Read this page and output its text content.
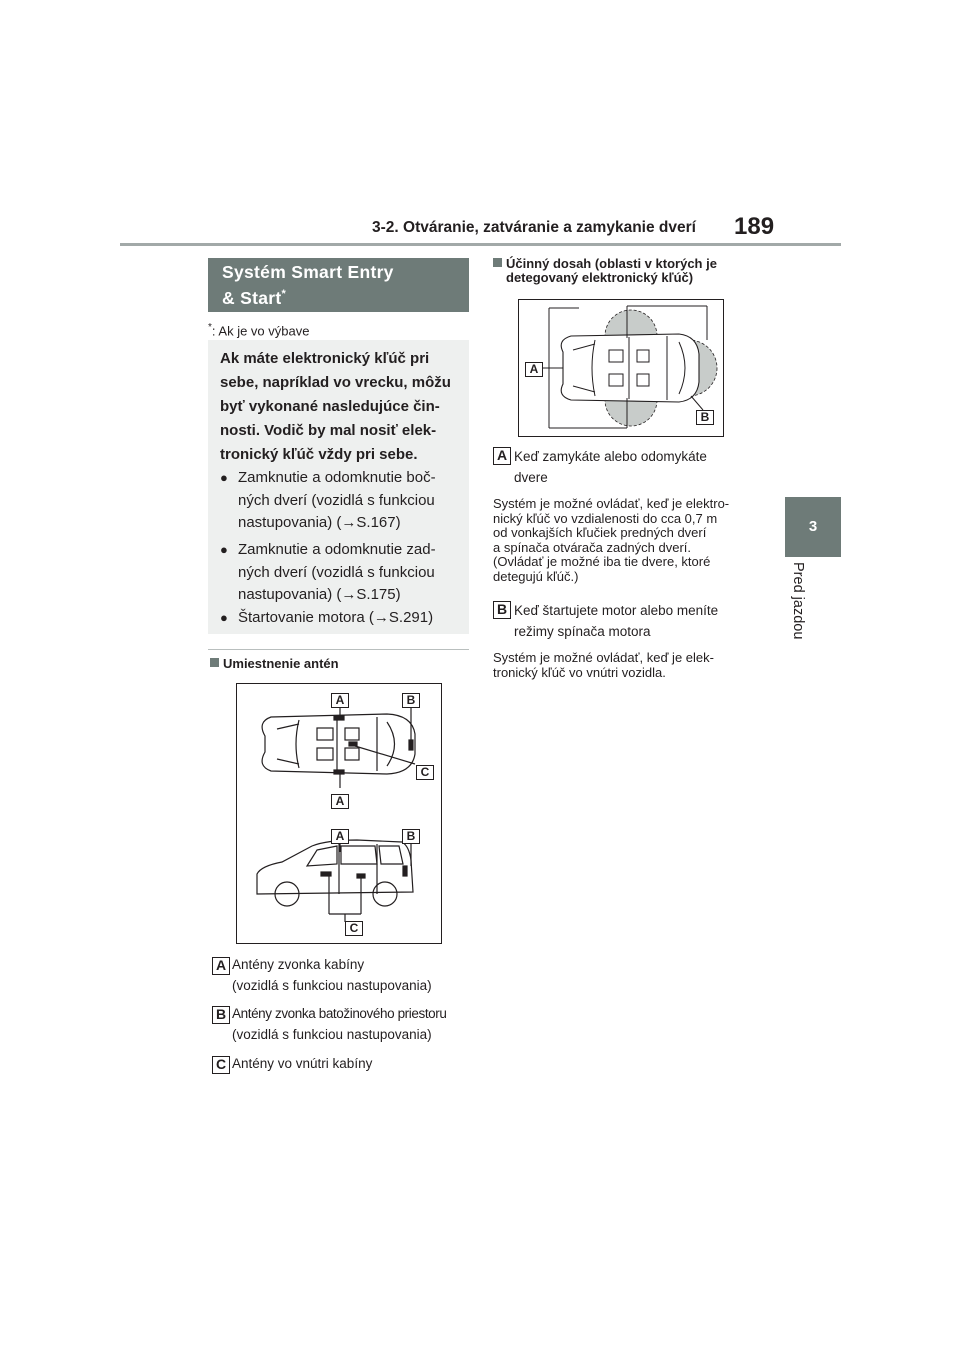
3-2. Otváranie, zatváranie a zamykanie dverí 189
3
Pred jazdou
Systém Smart Entry
& Start*
*: Ak je vo výbave
Ak máte elektronický kľúč pri
sebe, napríklad vo vrecku, môžu
byť vykonané nasledujúce čin-
nosti. Vodič by mal nosiť elek-
tronický kľúč vždy pri sebe.
● Zamknutie a odomknutie boč-
ných dverí (vozidlá s funkciou
nastupovania) (→S.167)
● Zamknutie a odomknutie zad-
ných dverí (vozidlá s funkciou
nastupovania) (→S.175)
● Štartovanie motora (→S.291)
Umiestnenie antén
A	B
C
A
A	B
C
A Antény zvonka kabíny
(vozidlá s funkciou nastupovania)
B Antény zvonka batožinového priestoru
(vozidlá s funkciou nastupovania)
C Antény vo vnútri kabíny
Účinný dosah (oblasti v ktorých je
detegovaný elektronický kľúč)
A
B
A Keď zamykáte alebo odomykáte
dvere
Systém je možné ovládať, keď je elektro-
nický kľúč vo vzdialenosti do cca 0,7 m
od vonkajších kľučiek predných dverí
a spínača otvárača zadných dverí.
(Ovládať je možné iba tie dvere, ktoré
detegujú kľúč.)
B Keď štartujete motor alebo meníte
režimy spínača motora
Systém je možné ovládať, keď je elek-
tronický kľúč vo vnútri vozidla.
